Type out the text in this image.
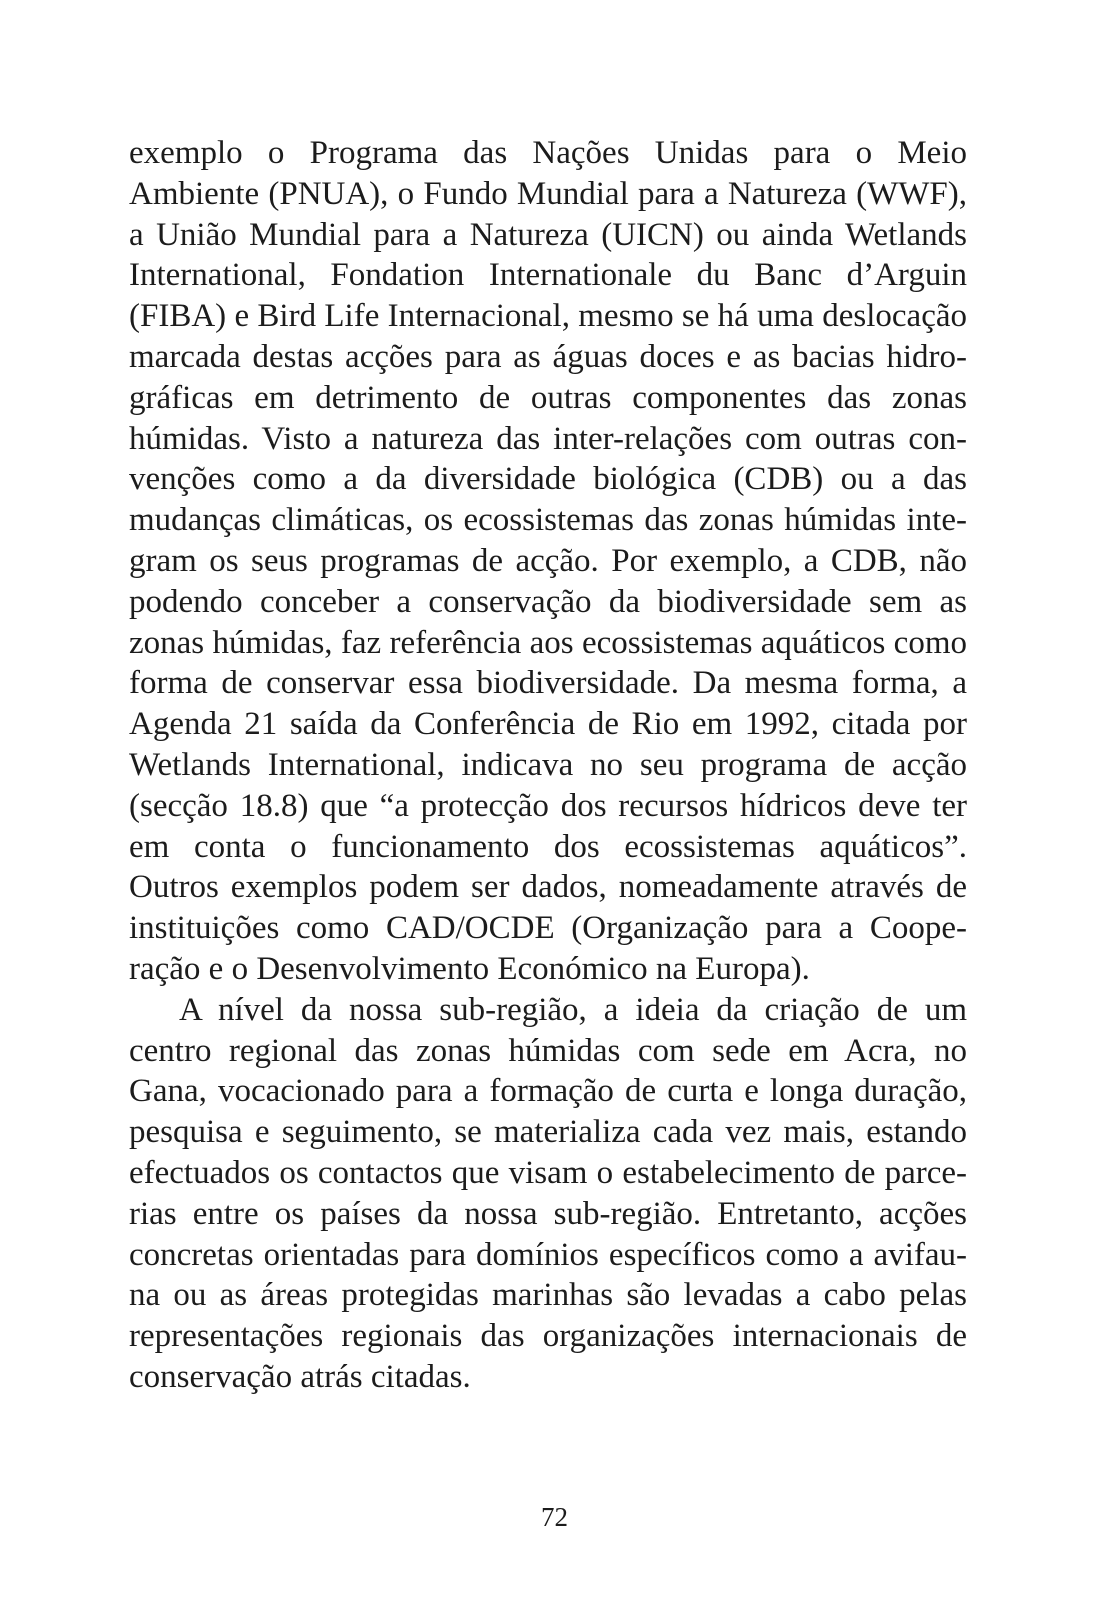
exemplo o Programa das Nações Unidas para o Meio
Ambiente (PNUA), o Fundo Mundial para a Natureza (WWF),
a União Mundial para a Natureza (UICN) ou ainda Wetlands
International, Fondation Internationale du Banc d’Arguin
(FIBA) e Bird Life Internacional, mesmo se há uma deslocação
marcada destas acções para as águas doces e as bacias hidro-
gráficas em detrimento de outras componentes das zonas
húmidas. Visto a natureza das inter-relações com outras con-
venções como a da diversidade biológica (CDB) ou a das
mudanças climáticas, os ecossistemas das zonas húmidas inte-
gram os seus programas de acção. Por exemplo, a CDB, não
podendo conceber a conservação da biodiversidade sem as
zonas húmidas, faz referência aos ecossistemas aquáticos como
forma de conservar essa biodiversidade. Da mesma forma, a
Agenda 21 saída da Conferência de Rio em 1992, citada por
Wetlands International, indicava no seu programa de acção
(secção 18.8) que “a protecção dos recursos hídricos deve ter
em conta o funcionamento dos ecossistemas aquáticos”.
Outros exemplos podem ser dados, nomeadamente através de
instituições como CAD/OCDE (Organização para a Coope-
ração e o Desenvolvimento Económico na Europa).
A nível da nossa sub-região, a ideia da criação de um
centro regional das zonas húmidas com sede em Acra, no
Gana, vocacionado para a formação de curta e longa duração,
pesquisa e seguimento, se materializa cada vez mais, estando
efectuados os contactos que visam o estabelecimento de parce-
rias entre os países da nossa sub-região. Entretanto, acções
concretas orientadas para domínios específicos como a avifau-
na ou as áreas protegidas marinhas são levadas a cabo pelas
representações regionais das organizações internacionais de
conservação atrás citadas.
72
